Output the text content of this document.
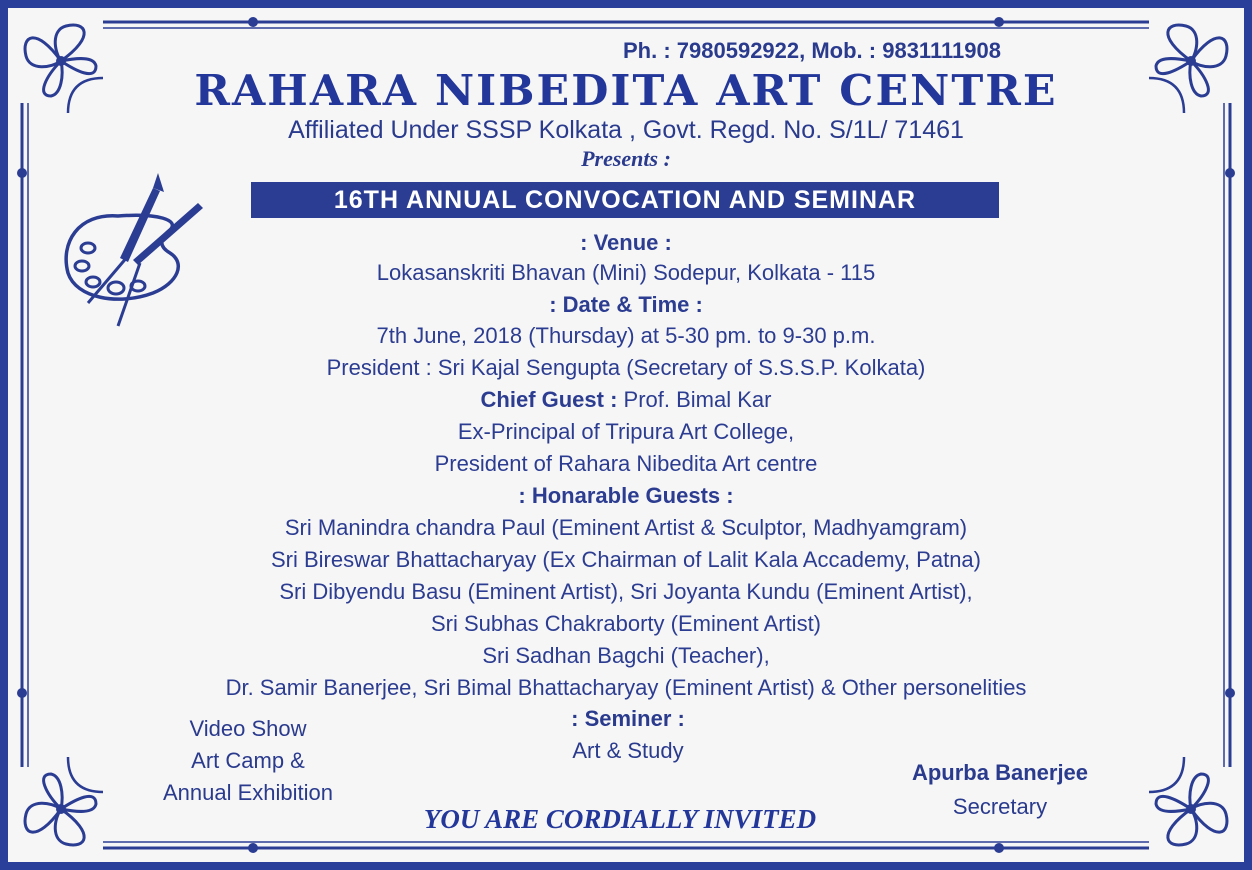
Ph. : 7980592922, Mob. : 9831111908
RAHARA NIBEDITA ART CENTRE
Affiliated Under SSSP Kolkata , Govt. Regd. No. S/1L/ 71461
Presents :
16TH ANNUAL CONVOCATION AND SEMINAR
: Venue :
Lokasanskriti Bhavan (Mini) Sodepur, Kolkata - 115
: Date & Time :
7th June, 2018 (Thursday) at 5-30 pm. to 9-30 p.m.
President : Sri Kajal Sengupta (Secretary of S.S.S.P. Kolkata)
Chief Guest : Prof. Bimal Kar
Ex-Principal of Tripura Art College,
President of Rahara Nibedita Art centre
: Honarable Guests :
Sri Manindra chandra Paul (Eminent Artist & Sculptor, Madhyamgram)
Sri Bireswar Bhattacharyay (Ex Chairman of Lalit Kala Accademy, Patna)
Sri Dibyendu Basu (Eminent Artist), Sri Joyanta Kundu (Eminent Artist),
Sri Subhas Chakraborty (Eminent Artist)
Sri Sadhan Bagchi (Teacher),
Dr. Samir Banerjee, Sri Bimal Bhattacharyay (Eminent Artist) & Other personelities
: Seminer :
Art & Study
Video Show
Art Camp &
Annual Exhibition
Apurba Banerjee
Secretary
YOU ARE CORDIALLY INVITED
